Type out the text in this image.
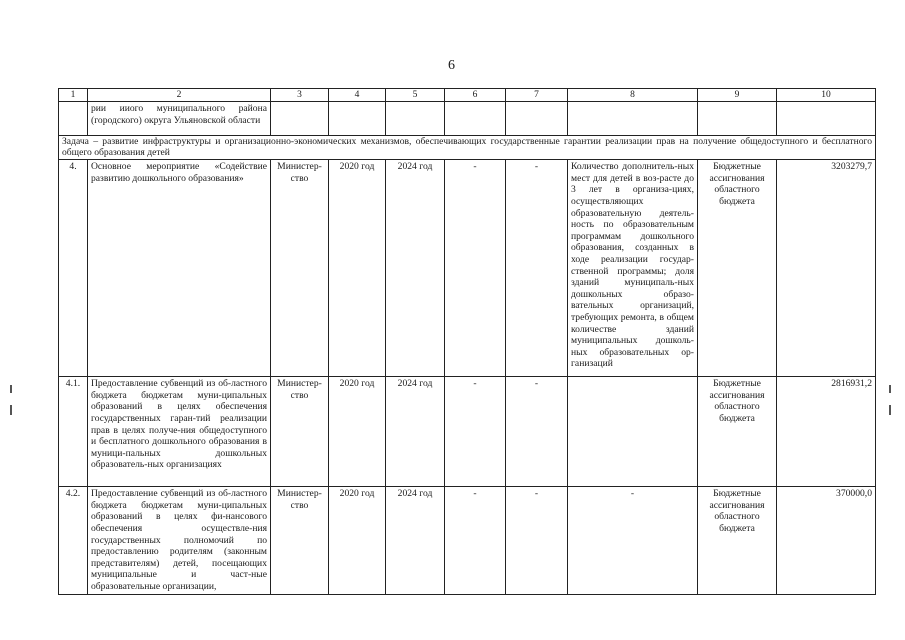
6
1	2	3	4	5	6	7	8	9	10
	рии ииого муниципального района (городского) округа Ульяновской области								
Задача – развитие инфраструктуры и организационно-экономических механизмов, обеспечивающих государственные гарантии реализации прав на получение общедоступного и бесплатного общего образования детей									
4.	Основное мероприятие «Содействие развитию дошкольного образования»	Министер-ство	2020 год	2024 год	-	-	Количество дополнитель-ных мест для детей в воз-расте до 3 лет в организа-циях, осуществляющих образовательную деятель-ность по образовательным программам дошкольного образования, созданных в ходе реализации государ-ственной программы; доля зданий муниципаль-ных дошкольных образо-вательных организаций, требующих ремонта, в общем количестве зданий муниципальных дошколь-ных образовательных ор-ганизаций	Бюджетные ассигнования областного бюджета	3203279,7
4.1.	Предоставление субвенций из об-ластного бюджета бюджетам муни-ципальных образований в целях обеспечения государственных гаран-тий реализации прав в целях получе-ния общедоступного и бесплатного дошкольного образования в муници-пальных дошкольных образователь-ных организациях	Министер-ство	2020 год	2024 год	-	-		Бюджетные ассигнования областного бюджета	2816931,2
4.2.	Предоставление субвенций из об-ластного бюджета бюджетам муни-ципальных образований в целях фи-нансового обеспечения осуществле-ния государственных полномочий по предоставлению родителям (законным представителям) детей, посещающих муниципальные и част-ные образовательные организации,	Министер-ство	2020 год	2024 год	-	-	-	Бюджетные ассигнования областного бюджета	370000,0
